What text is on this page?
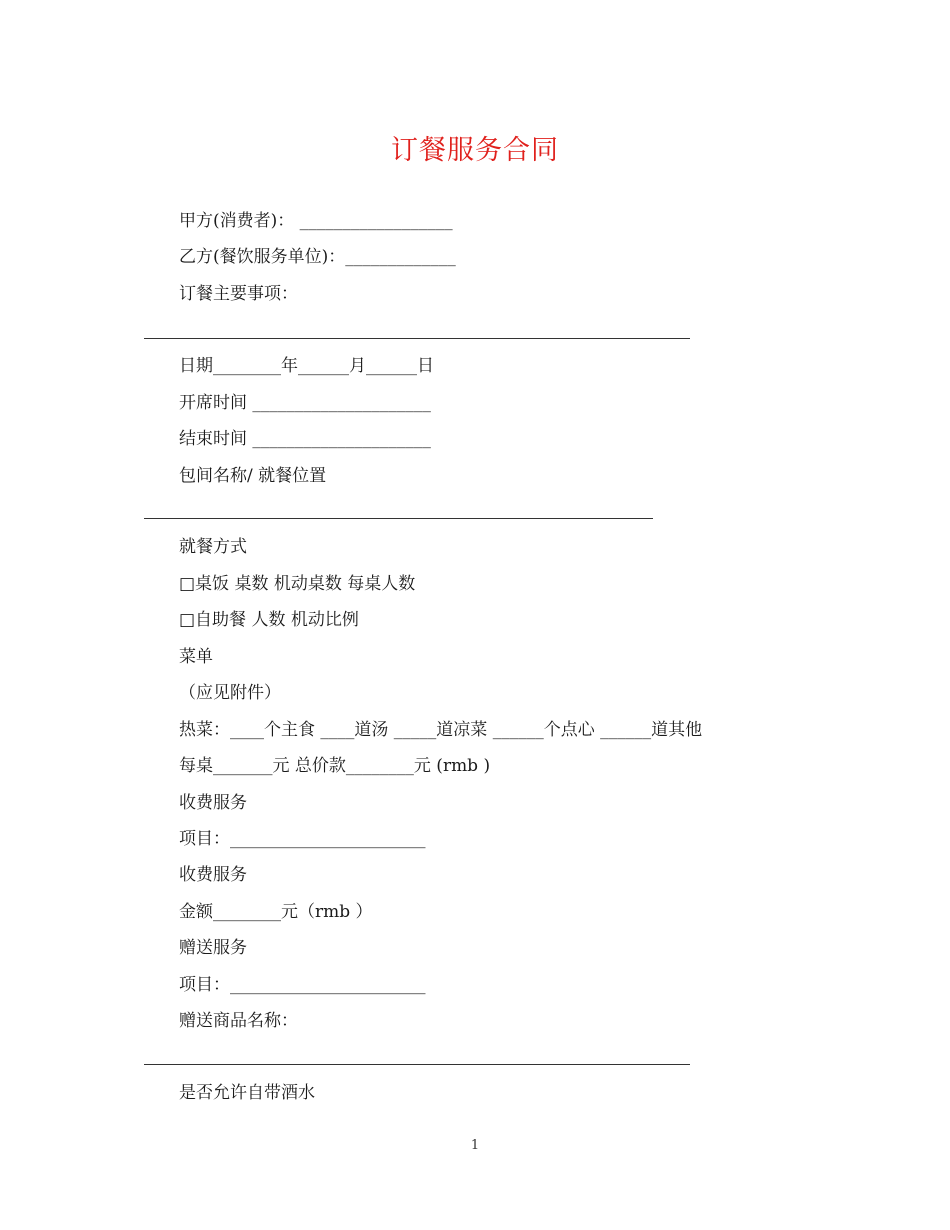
订餐服务合同
甲方(消费者)： __________________
乙方(餐饮服务单位)：_____________
订餐主要事项：
日期________年______月______日
开席时间 _____________________
结束时间 _____________________
包间名称/ 就餐位置
就餐方式
□桌饭 桌数 机动桌数 每桌人数
□自助餐 人数 机动比例
菜单
（应见附件）
热菜：____个主食 ____道汤 _____道凉菜 ______个点心 ______道其他
每桌_______元 总价款________元 (rmb )
收费服务
项目：_______________________
收费服务
金额________元（rmb ）
赠送服务
项目：_______________________
赠送商品名称：
是否允许自带酒水
1
